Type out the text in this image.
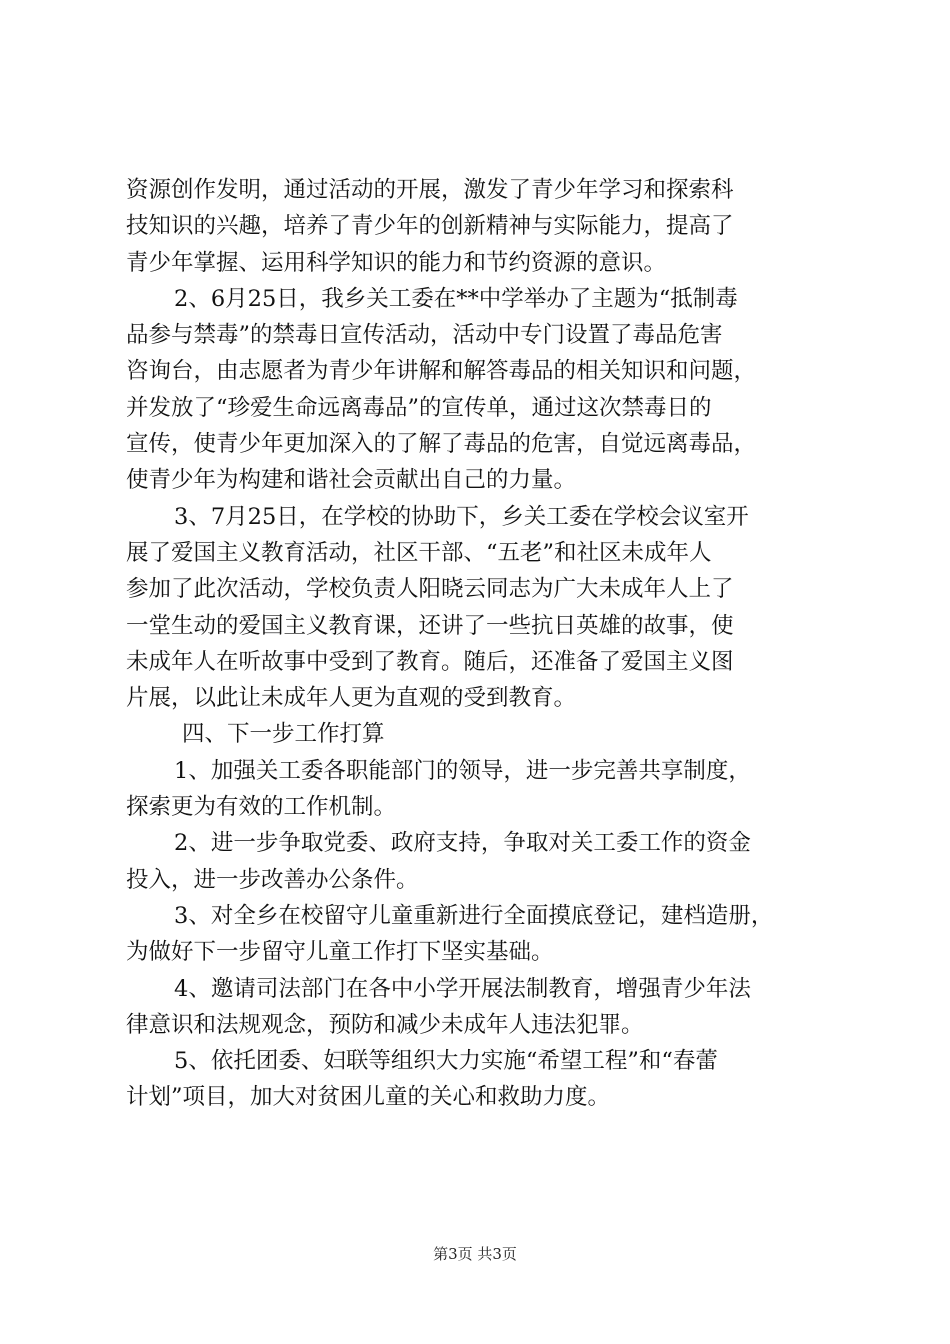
资源创作发明，通过活动的开展，激发了青少年学习和探索科
技知识的兴趣，培养了青少年的创新精神与实际能力，提高了
青少年掌握、运用科学知识的能力和节约资源的意识。
2、6月25日，我乡关工委在**中学举办了主题为“抵制毒
品参与禁毒”的禁毒日宣传活动，活动中专门设置了毒品危害
咨询台，由志愿者为青少年讲解和解答毒品的相关知识和问题，
并发放了“珍爱生命远离毒品”的宣传单，通过这次禁毒日的
宣传，使青少年更加深入的了解了毒品的危害，自觉远离毒品，
使青少年为构建和谐社会贡献出自己的力量。
3、7月25日，在学校的协助下，乡关工委在学校会议室开
展了爱国主义教育活动，社区干部、“五老”和社区未成年人
参加了此次活动，学校负责人阳晓云同志为广大未成年人上了
一堂生动的爱国主义教育课，还讲了一些抗日英雄的故事，使
未成年人在听故事中受到了教育。随后，还准备了爱国主义图
片展，以此让未成年人更为直观的受到教育。
四、下一步工作打算
1、加强关工委各职能部门的领导，进一步完善共享制度，
探索更为有效的工作机制。
2、进一步争取党委、政府支持，争取对关工委工作的资金
投入，进一步改善办公条件。
3、对全乡在校留守儿童重新进行全面摸底登记，建档造册，
为做好下一步留守儿童工作打下坚实基础。
4、邀请司法部门在各中小学开展法制教育，增强青少年法
律意识和法规观念，预防和减少未成年人违法犯罪。
5、依托团委、妇联等组织大力实施“希望工程”和“春蕾
计划”项目，加大对贫困儿童的关心和救助力度。
第3页 共3页
